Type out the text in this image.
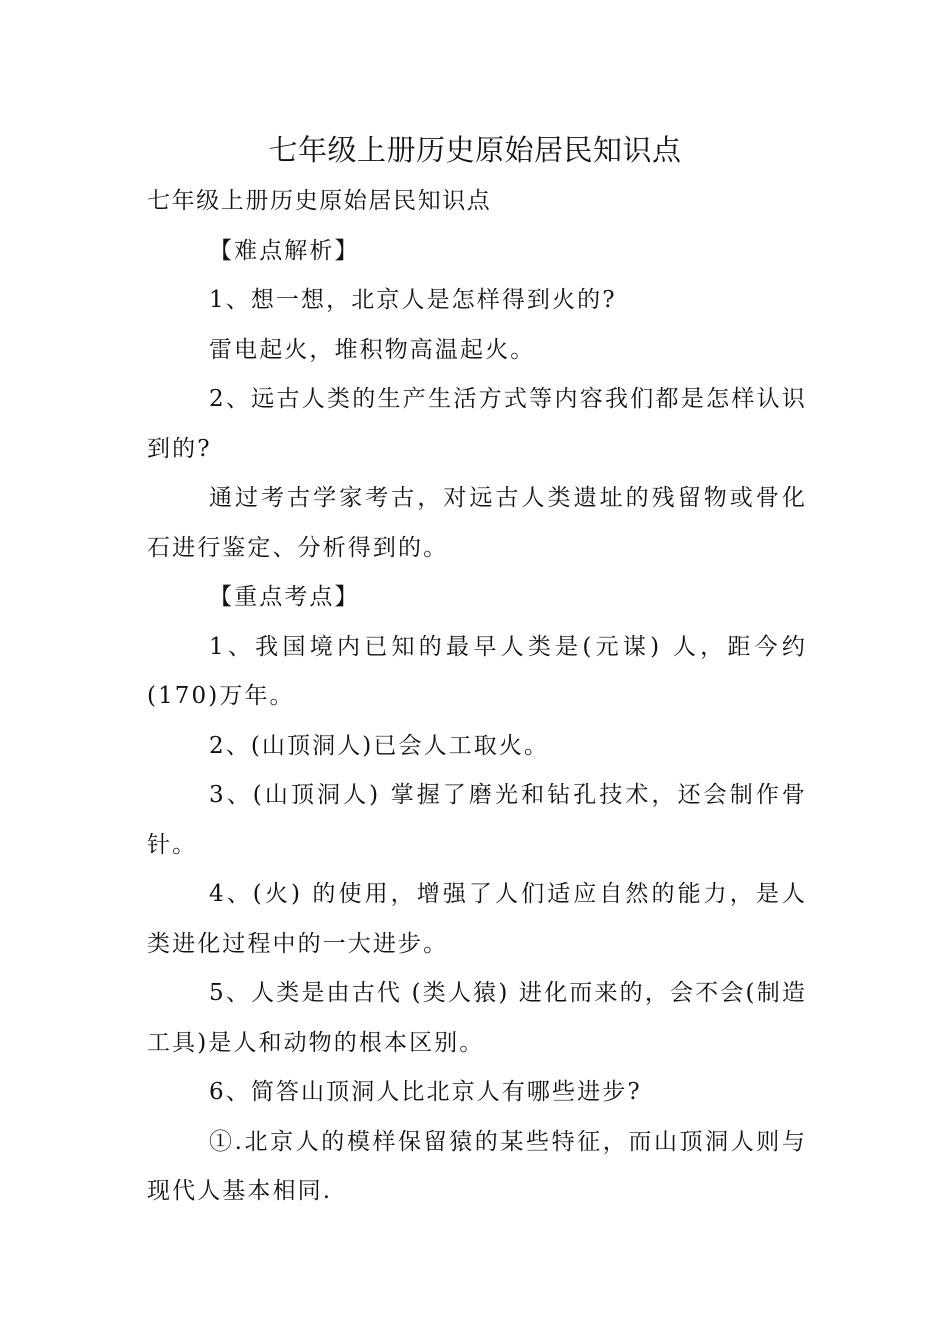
七年级上册历史原始居民知识点

七年级上册历史原始居民知识点

【难点解析】

1、想一想，北京人是怎样得到火的?

雷电起火，堆积物高温起火。

2、远古人类的生产生活方式等内容我们都是怎样认识到的?

通过考古学家考古，对远古人类遗址的残留物或骨化石进行鉴定、分析得到的。

【重点考点】

1、我国境内已知的最早人类是(元谋) 人，距今约(170)万年。

2、(山顶洞人)已会人工取火。

3、(山顶洞人) 掌握了磨光和钻孔技术，还会制作骨针。

4、(火) 的使用，增强了人们适应自然的能力，是人类进化过程中的一大进步。

5、人类是由古代 (类人猿) 进化而来的，会不会(制造工具)是人和动物的根本区别。

6、简答山顶洞人比北京人有哪些进步?

①.北京人的模样保留猿的某些特征，而山顶洞人则与现代人基本相同.
